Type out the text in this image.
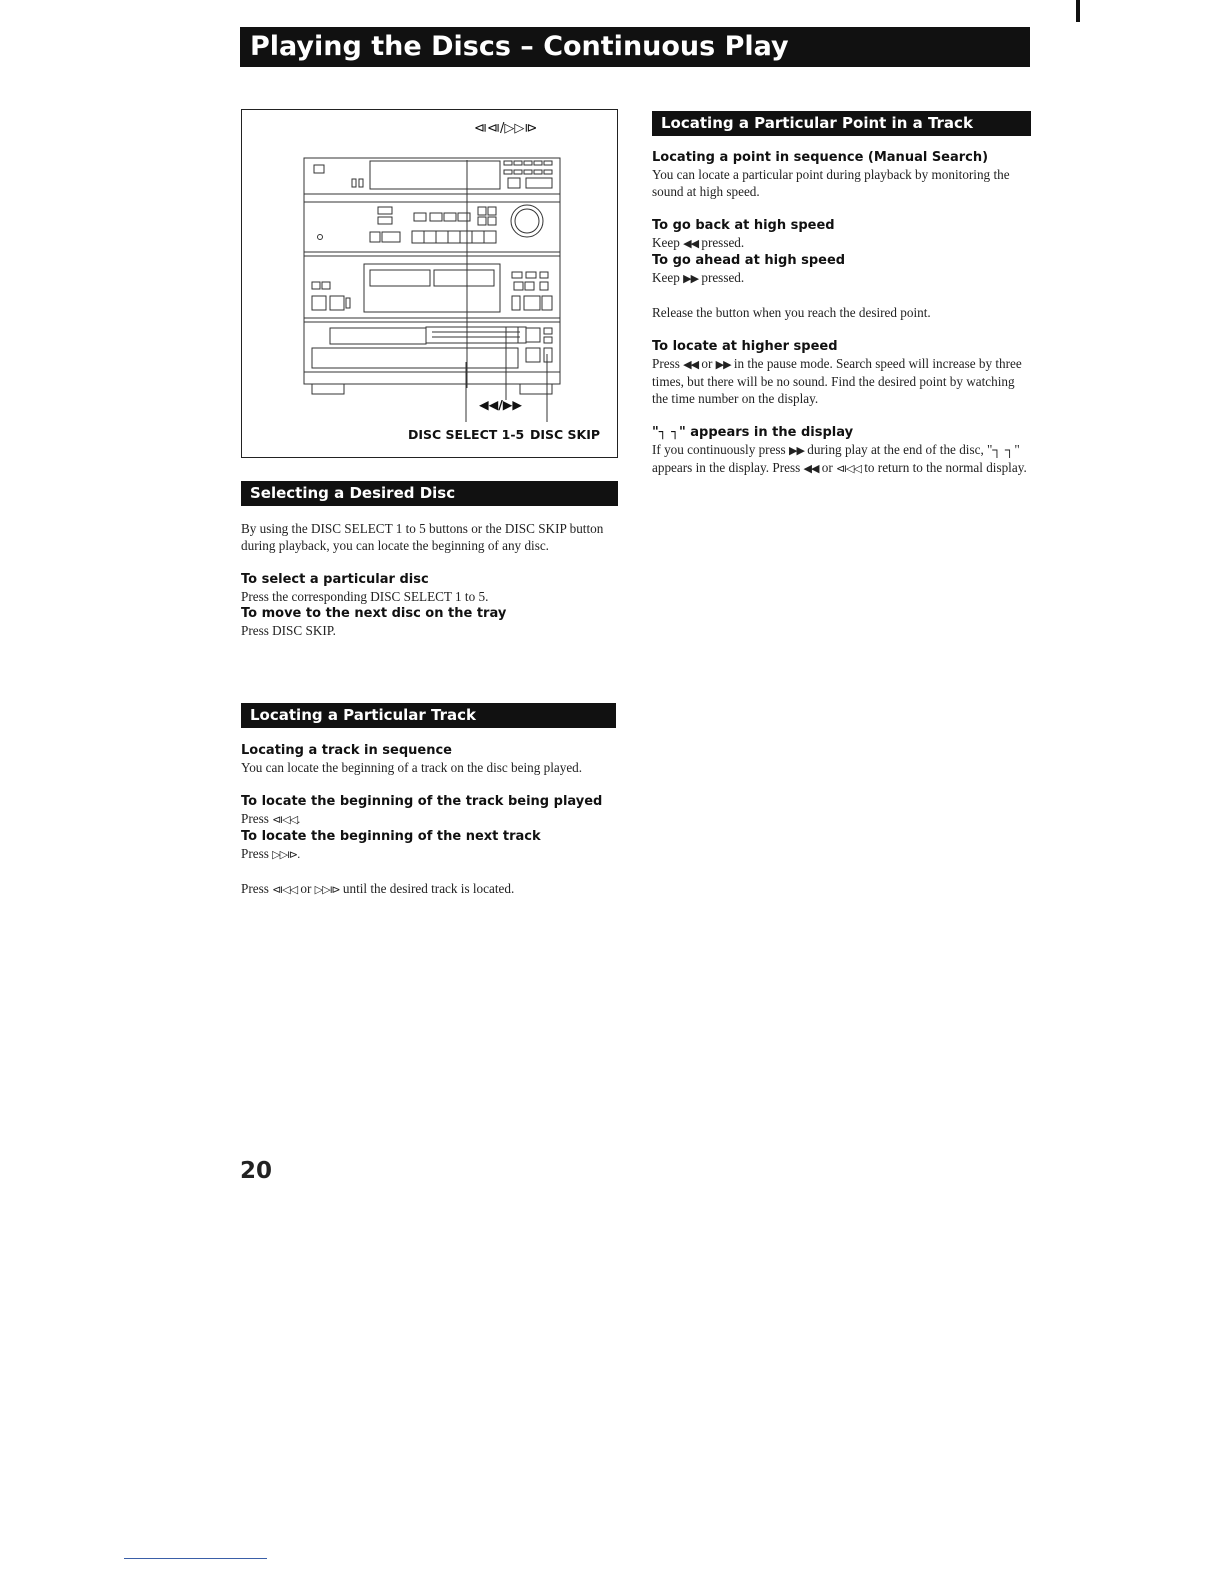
Playing the Discs – Continuous Play
⧏⧏/▷▷⧐
◀◀/▶▶
DISC SELECT 1-5 DISC SKIP
Selecting a Desired Disc

By using the DISC SELECT 1 to 5 buttons or the DISC SKIP button during playback, you can locate the beginning of any disc.

To select a particular disc

Press the corresponding DISC SELECT 1 to 5.

To move to the next disc on the tray

Press DISC SKIP.

Locating a Particular Track

Locating a track in sequence

You can locate the beginning of a track on the disc being played.

To locate the beginning of the track being played

Press ⧏◁◁.

To locate the beginning of the next track

Press ▷▷⧐.

Press ⧏◁◁ or ▷▷⧐ until the desired track is located.

Locating a Particular Point in a Track

Locating a point in sequence (Manual Search)

You can locate a particular point during playback by monitoring the sound at high speed.

To go back at high speed

Keep ◀◀ pressed.

To go ahead at high speed

Keep ▶▶ pressed.

Release the button when you reach the desired point.

To locate at higher speed

Press ◀◀ or ▶▶ in the pause mode. Search speed will increase by three times, but there will be no sound. Find the desired point by watching the time number on the display.

"┐ ┐" appears in the display

If you continuously press ▶▶ during play at the end of the disc, "┐ ┐" appears in the display. Press ◀◀ or ⧏◁◁ to return to the normal display.

20
